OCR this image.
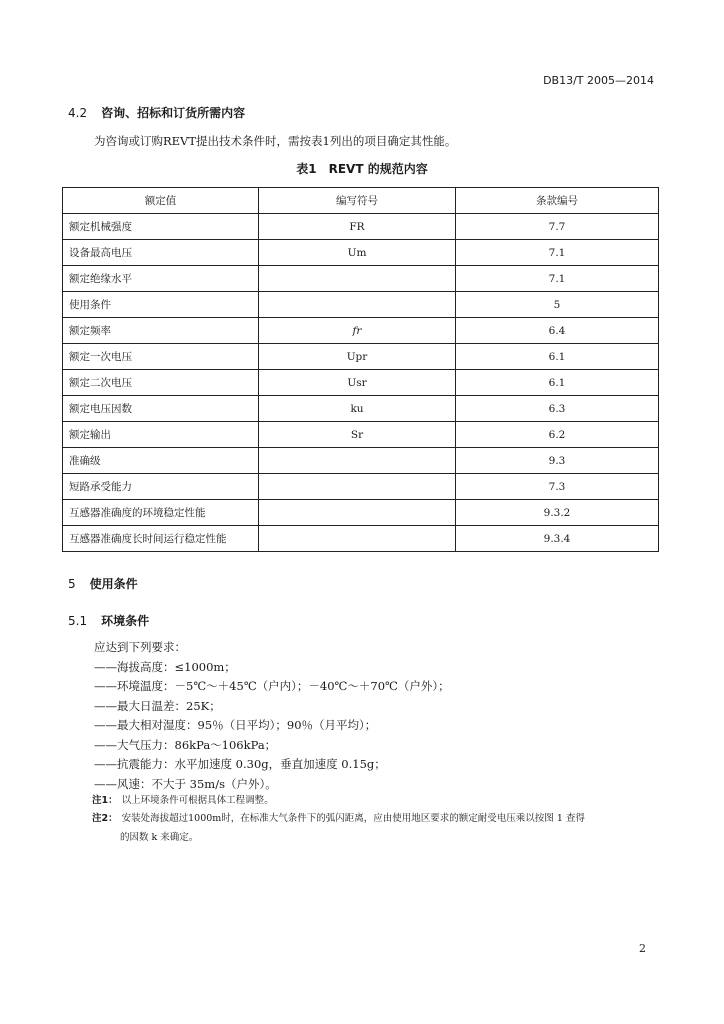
DB13/T 2005—2014
4.2 咨询、招标和订货所需内容
为咨询或订购REVT提出技术条件时，需按表1列出的项目确定其性能。
表1　REVT 的规范内容
额定值	编写符号	条款编号
额定机械强度	FR	7.7
设备最高电压	Um	7.1
额定绝缘水平		7.1
使用条件		5
额定频率	fr	6.4
额定一次电压	Upr	6.1
额定二次电压	Usr	6.1
额定电压因数	ku	6.3
额定输出	Sr	6.2
准确级		9.3
短路承受能力		7.3
互感器准确度的环境稳定性能		9.3.2
互感器准确度长时间运行稳定性能		9.3.4
5 使用条件
5.1 环境条件
应达到下列要求：
——海拔高度：≤1000m；
——环境温度：－5℃～＋45℃（户内）；－40℃～＋70℃（户外）；
——最大日温差：25K；
——最大相对湿度：95％（日平均）；90％（月平均）；
——大气压力：86kPa～106kPa；
——抗震能力：水平加速度 0.30g，垂直加速度 0.15g；
——风速：不大于 35m/s（户外）。
注1： 以上环境条件可根据具体工程调整。
注2： 安装处海拔超过1000m时，在标准大气条件下的弧闪距离，应由使用地区要求的额定耐受电压乘以按图 1 查得
的因数 k 来确定。
2
